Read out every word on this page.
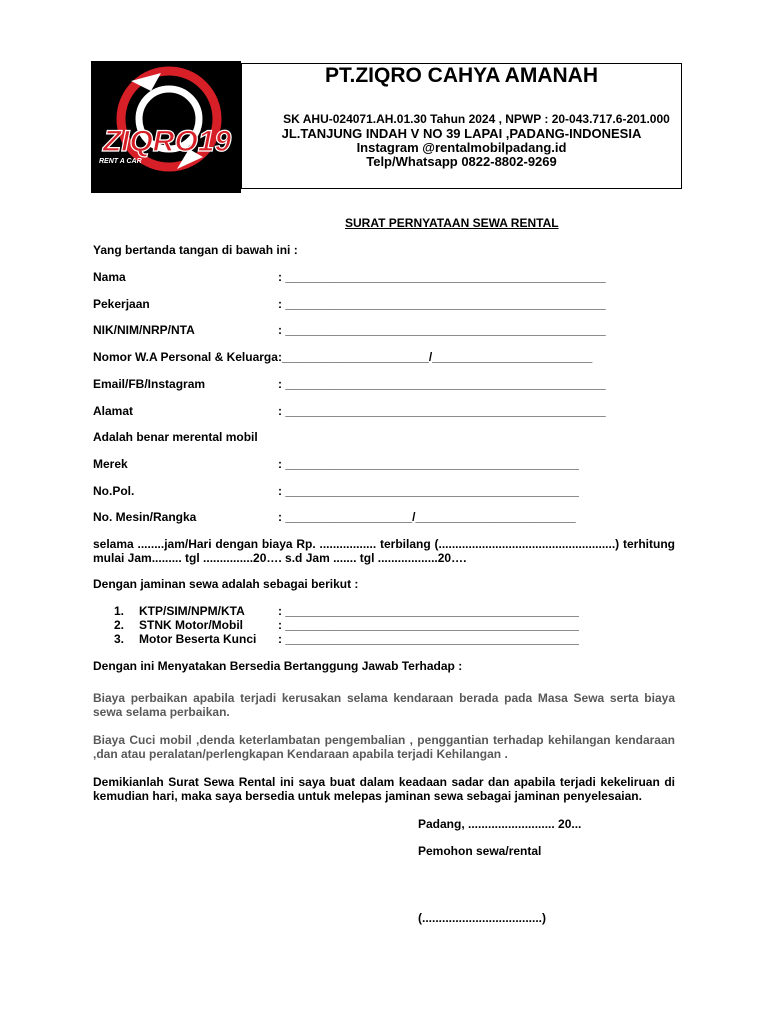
ZIQRO19
RENT A CAR
PT.ZIQRO CAHYA AMANAH
SK AHU-024071.AH.01.30 Tahun 2024 , NPWP : 20-043.717.6-201.000
JL.TANJUNG INDAH V NO 39 LAPAI ,PADANG-INDONESIA
Instagram @rentalmobilpadang.id
Telp/Whatsapp 0822-8802-9269
SURAT PERNYATAAN SEWA RENTAL
Yang bertanda tangan di bawah ini :
Nama	: ________________________________________________
Pekerjaan	: ________________________________________________
NIK/NIM/NRP/NTA	: ________________________________________________
Nomor W.A Personal & Keluarga :______________________/________________________
Email/FB/Instagram	: ________________________________________________
Alamat	: ________________________________________________
Adalah benar merental mobil
Merek	: ____________________________________________
No.Pol.	: ____________________________________________
No. Mesin/Rangka	: ___________________/________________________
selama ........jam/Hari dengan biaya Rp. ................. terbilang (.....................................................) terhitung mulai Jam......... tgl ...............20…. s.d Jam ....... tgl ..................20….
Dengan jaminan sewa adalah sebagai berikut :
1. KTP/SIM/NPM/KTA	: ____________________________________________
2. STNK Motor/Mobil	: ____________________________________________
3. Motor Beserta Kunci : ____________________________________________
Dengan ini Menyatakan Bersedia Bertanggung Jawab Terhadap :
Biaya perbaikan apabila terjadi kerusakan selama kendaraan berada pada Masa Sewa serta biaya sewa selama perbaikan.
Biaya Cuci mobil ,denda keterlambatan pengembalian , penggantian terhadap kehilangan kendaraan ,dan atau peralatan/perlengkapan Kendaraan apabila terjadi Kehilangan .
Demikianlah Surat Sewa Rental ini saya buat dalam keadaan sadar dan apabila terjadi kekeliruan di kemudian hari, maka saya bersedia untuk melepas jaminan sewa sebagai jaminan penyelesaian.
Padang, .......................... 20...
Pemohon sewa/rental
(....................................)
